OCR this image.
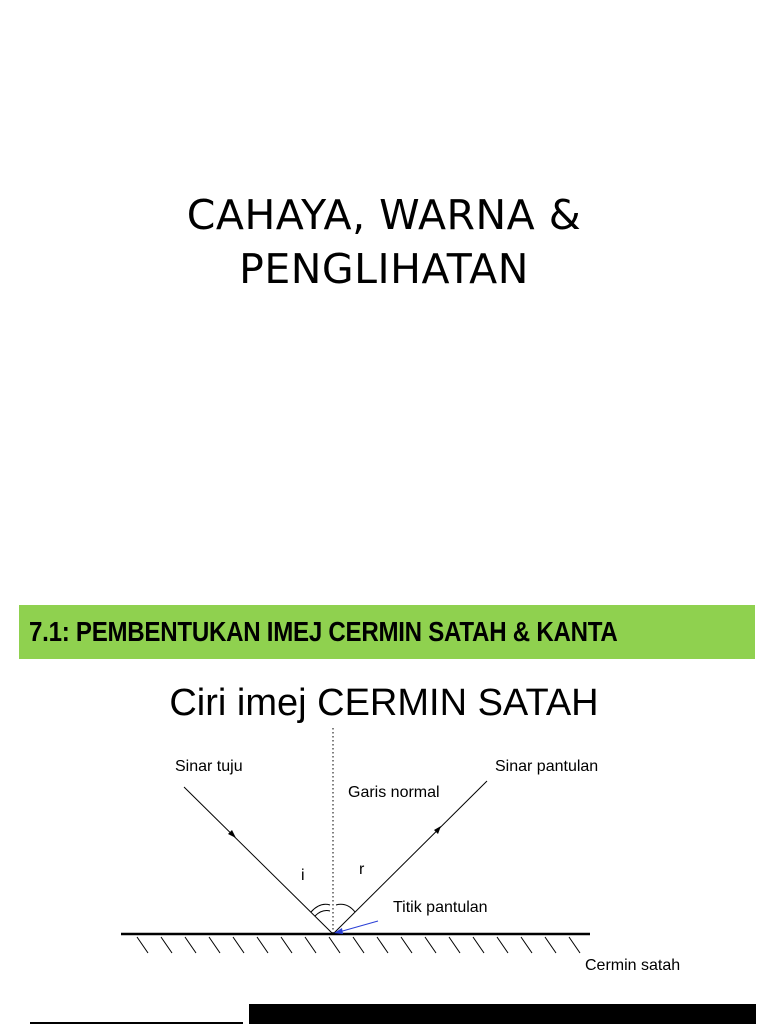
CAHAYA, WARNA &
PENGLIHATAN
7.1: PEMBENTUKAN IMEJ CERMIN SATAH & KANTA
Ciri imej CERMIN SATAH
Sinar tuju	Sinar pantulan
Garis normal
i	r
Titik pantulan
Cermin satah
